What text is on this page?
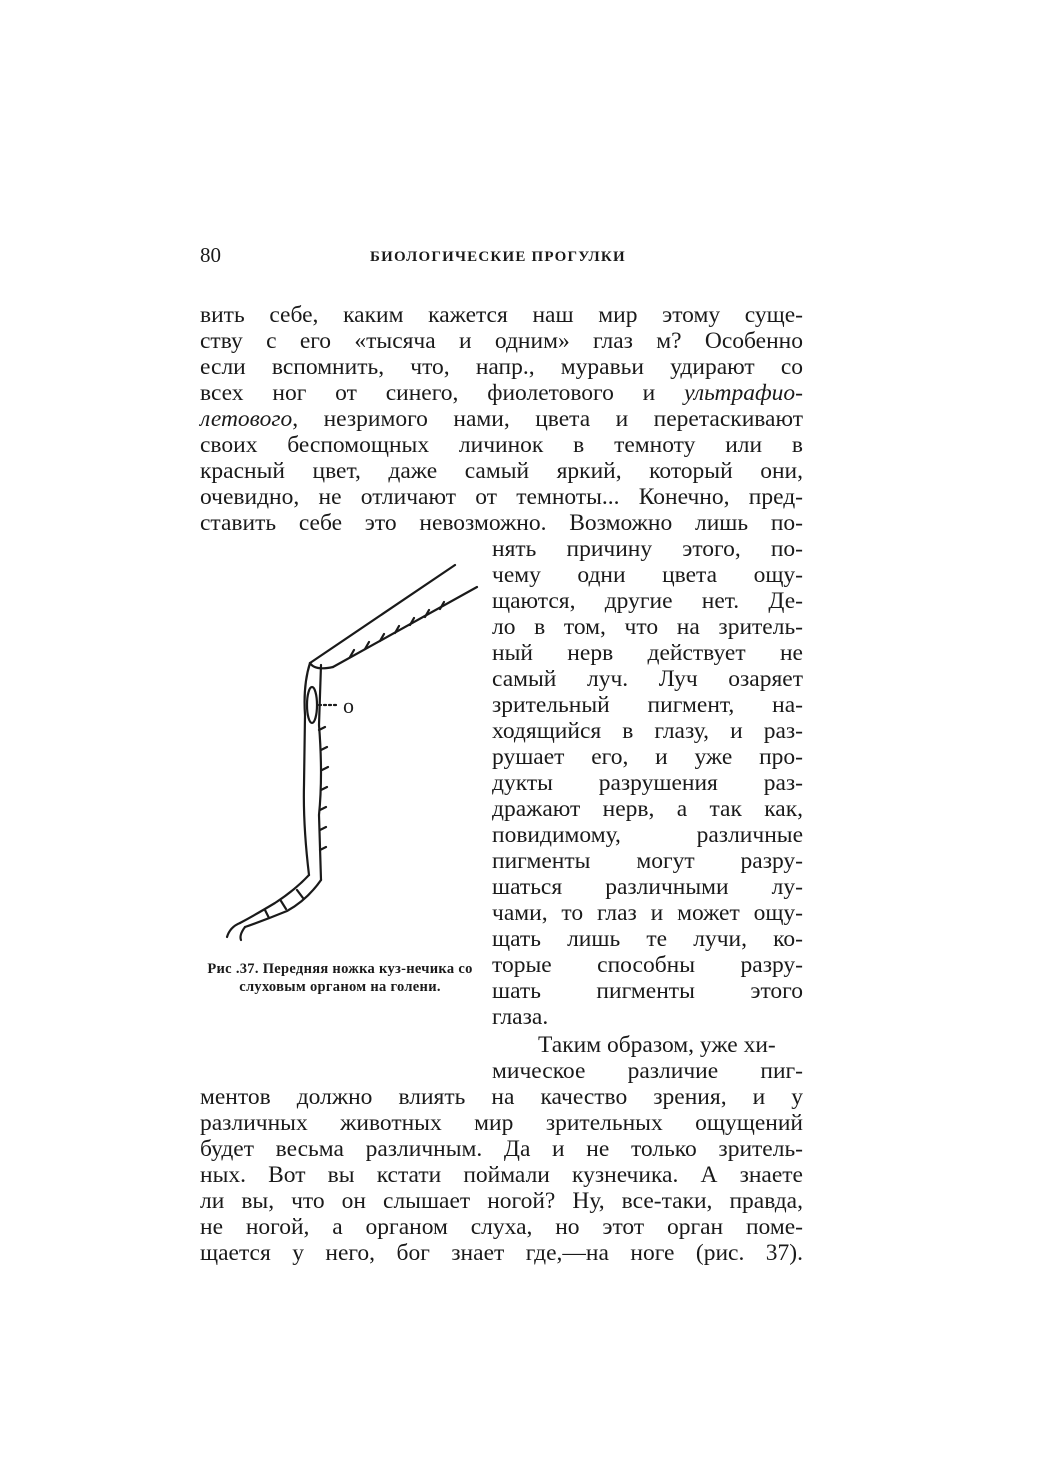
80	БИОЛОГИЧЕСКИЕ ПРОГУЛКИ
вить себе, каким кажется наш мир этому суще-
ству с его «тысяча и одним» глаз м? Особенно
если вспомнить, что, напр., муравьи удирают со
всех ног от синего, фиолетового и ультрафио-
летового, незримого нами, цвета и перетаскивают
своих беспомощных личинок в темноту или в
красный цвет, даже самый яркий, который они,
очевидно, не отличают от темноты... Конечно, пред-
ставить себе это невозможно. Возможно лишь по-
нять причину этого, по-
чему одни цвета ощу-
щаются, другие нет. Де-
ло в том, что на зритель-
ный нерв действует не
самый луч. Луч озаряет
зрительный пигмент, на-
ходящийся в глазу, и раз-
рушает его, и уже про-
дукты разрушения раз-
дражают нерв, а так как,
повидимому, различные
пигменты могут разру-
шаться различными лу-
чами, то глаз и может ощу-
щать лишь те лучи, ко-
торые способны разру-
шать пигменты этого
глаза.
Таким образом, уже хи-
мическое различие пиг-
ментов должно влиять на качество зрения, и у
различных животных мир зрительных ощущений
будет весьма различным. Да и не только зритель-
ных. Вот вы кстати поймали кузнечика. А знаете
ли вы, что он слышает ногой? Ну, все-таки, правда,
не ногой, а органом слуха, но этот орган поме-
щается у него, бог знает где,—на ноге (рис. 37).
о
Рис .37. Передняя ножка куз-нечика со слуховым органом на голени.
